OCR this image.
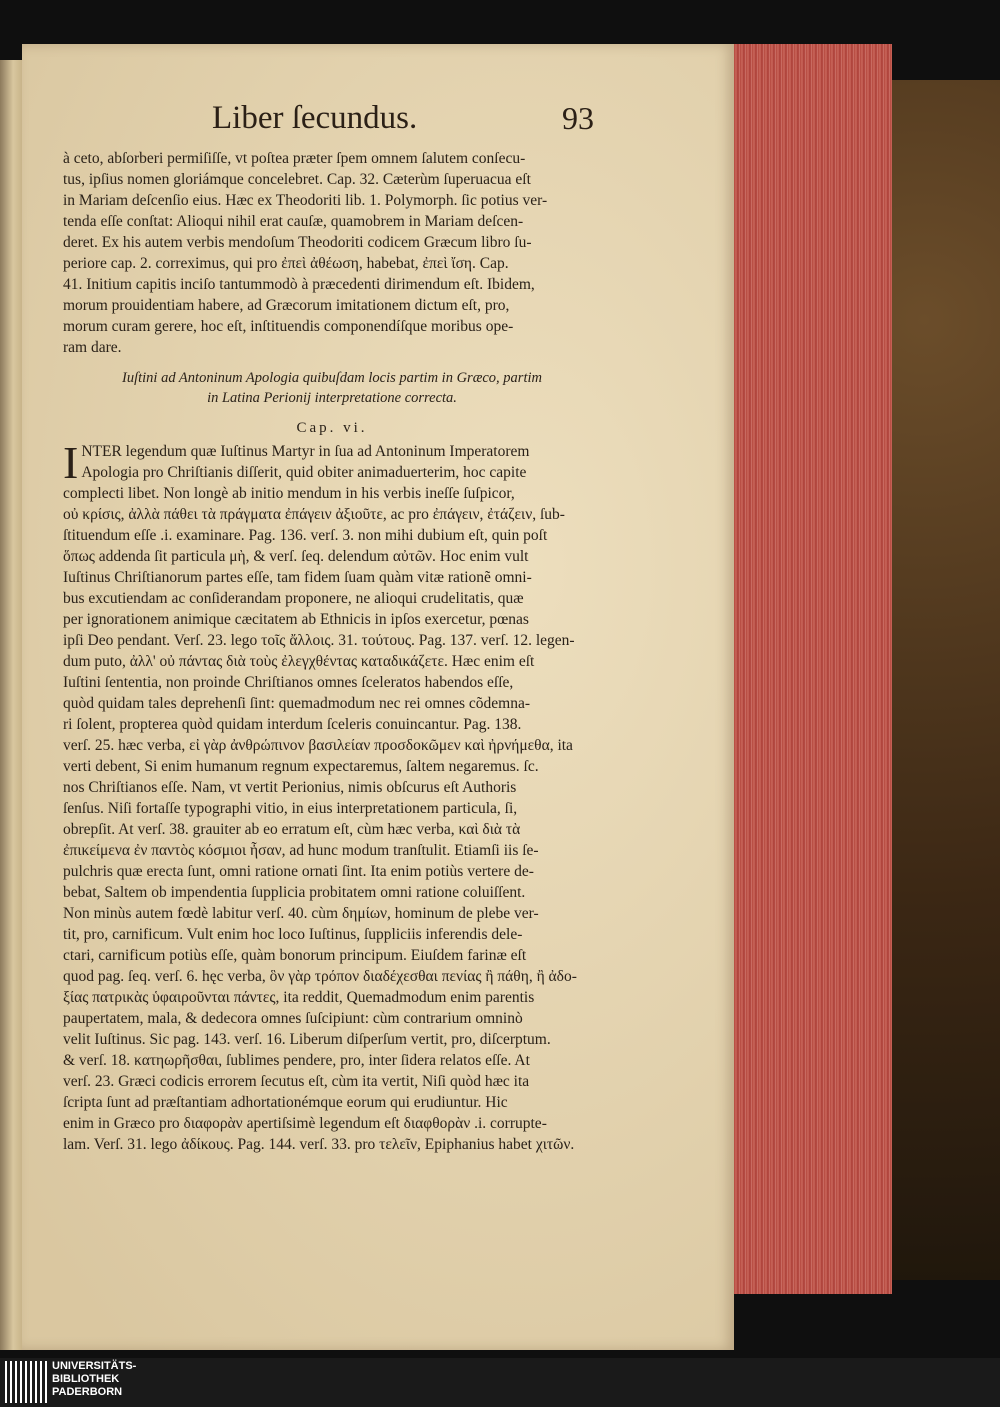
Liber ſecundus.	93
à ceto, abſorberi permiſiſſe, vt poſtea præter ſpem omnem ſalutem conſecu-
tus, ipſius nomen gloriámque concelebret. Cap. 32. Cæterùm ſuperuacua eſt
in Mariam deſcenſio eius. Hæc ex Theodoriti lib. 1. Polymorph. ſic potius ver-
tenda eſſe conſtat: Alioqui nihil erat cauſæ, quamobrem in Mariam deſcen-
deret. Ex his autem verbis mendoſum Theodoriti codicem Græcum libro ſu-
periore cap. 2. correximus, qui pro ἐπεὶ ἀθέωση, habebat, ἐπεὶ ἴση. Cap.
41. Initium capitis inciſo tantummodò à præcedenti dirimendum eſt. Ibidem,
morum prouidentiam habere, ad Græcorum imitationem dictum eſt, pro,
morum curam gerere, hoc eſt, inſtituendis componendíſque moribus ope-
ram dare.
Iuſtini ad Antoninum Apologia quibuſdam locis partim in Græco, partim
in Latina Perionij interpretatione correcta.
Cap. vi.
I NTER legendum quæ Iuſtinus Martyr in ſua ad Antoninum Imperatorem
Apologia pro Chriſtianis diſſerit, quid obiter animaduerterim, hoc capite
complecti libet. Non longè ab initio mendum in his verbis ineſſe ſuſpicor,
οὐ κρίσις, ἀλλὰ πάθει τὰ πράγματα ἐπάγειν ἀξιοῦτε, ac pro ἐπάγειν, ἐτάζειν, ſub-
ſtituendum eſſe .i. examinare. Pag. 136. verſ. 3. non mihi dubium eſt, quin poſt
ὅπως addenda ſit particula μὴ, & verſ. ſeq. delendum αὐτῶν. Hoc enim vult
Iuſtinus Chriſtianorum partes eſſe, tam fidem ſuam quàm vitæ rationẽ omni-
bus excutiendam ac conſiderandam proponere, ne alioqui crudelitatis, quæ
per ignorationem animique cæcitatem ab Ethnicis in ipſos exercetur, pœnas
ipſi Deo pendant. Verſ. 23. lego τοῖς ἄλλοις. 31. τούτους. Pag. 137. verſ. 12. legen-
dum puto, ἀλλ' οὐ πάντας διὰ τοὺς ἐλεγχθέντας καταδικάζετε. Hæc enim eſt
Iuſtini ſententia, non proinde Chriſtianos omnes ſceleratos habendos eſſe,
quòd quidam tales deprehenſi ſint: quemadmodum nec rei omnes cõdemna-
ri ſolent, propterea quòd quidam interdum ſceleris conuincantur. Pag. 138.
verſ. 25. hæc verba, εἰ γὰρ ἀνθρώπινον βασιλείαν προσδοκῶμεν καὶ ἠρνήμεθα, ita
verti debent, Si enim humanum regnum expectaremus, ſaltem negaremus. ſc.
nos Chriſtianos eſſe. Nam, vt vertit Perionius, nimis obſcurus eſt Authoris
ſenſus. Niſi fortaſſe typographi vitio, in eius interpretationem particula, ſi,
obrepſit. At verſ. 38. grauiter ab eo erratum eſt, cùm hæc verba, καὶ διὰ τὰ
ἐπικείμενα ἐν παντὸς κόσμιοι ἦσαν, ad hunc modum tranſtulit. Etiamſi iis ſe-
pulchris quæ erecta ſunt, omni ratione ornati ſint. Ita enim potiùs vertere de-
bebat, Saltem ob impendentia ſupplicia probitatem omni ratione coluiſſent.
Non minùs autem fœdè labitur verſ. 40. cùm δημίων, hominum de plebe ver-
tit, pro, carnificum. Vult enim hoc loco Iuſtinus, ſuppliciis inferendis dele-
ctari, carnificum potiùs eſſe, quàm bonorum principum. Eiuſdem farinæ eſt
quod pag. ſeq. verſ. 6. hęc verba, ὃν γὰρ τρόπον διαδέχεσθαι πενίας ἢ πάθη, ἢ ἀδο-
ξίας πατρικὰς ὑφαιροῦνται πάντες, ita reddit, Quemadmodum enim parentis
paupertatem, mala, & dedecora omnes ſuſcipiunt: cùm contrarium omninò
velit Iuſtinus. Sic pag. 143. verſ. 16. Liberum diſperſum vertit, pro, diſcerptum.
& verſ. 18. κατηωρῆσθαι, ſublimes pendere, pro, inter ſidera relatos eſſe. At
verſ. 23. Græci codicis errorem ſecutus eſt, cùm ita vertit, Niſi quòd hæc ita
ſcripta ſunt ad præſtantiam adhortationémque eorum qui erudiuntur. Hic
enim in Græco pro διαφορὰν apertiſsimè legendum eſt διαφθορὰν .i. corrupte-
lam. Verſ. 31. lego ἀδίκους. Pag. 144. verſ. 33. pro τελεῖν, Epiphanius habet χιτῶν.
UNIVERSITÄTS-
BIBLIOTHEK
PADERBORN
